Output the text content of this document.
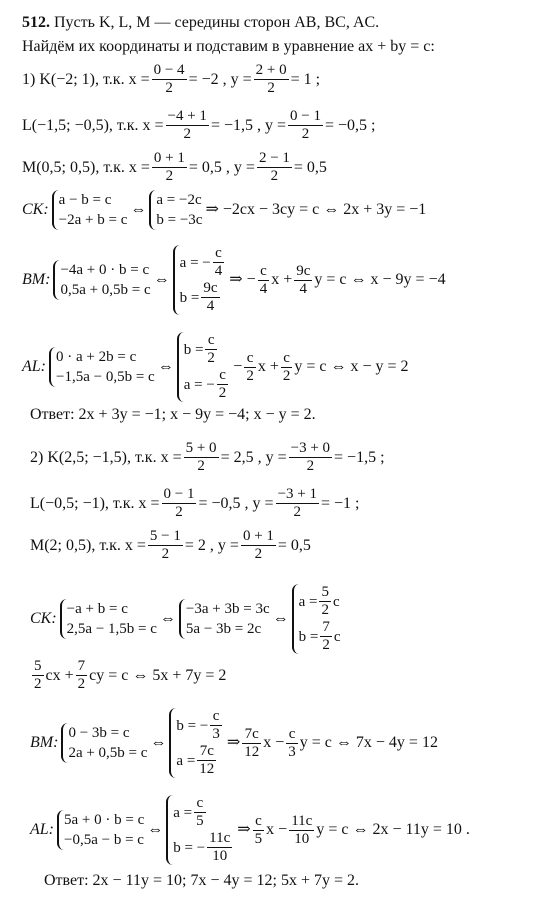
512. Пусть K, L, M — середины сторон AB, BC, AC.
Найдём их координаты и подставим в уравнение ax + by = c:
1) K(−2; 1), т.к. $x = \frac{0 - 4}{2} = -2$ , $y = \frac{2 + 0}{2} = 1$ ;
L(−1,5; −0,5), т.к. $x = \frac{-4 + 1}{2} = -1,5$ , $y = \frac{0 - 1}{2} = -0,5$ ;
M(0,5; 0,5), т.к. $x = \frac{0 + 1}{2} = 0,5$ , $y = \frac{2 - 1}{2} = 0,5$
CK:
a − b = c
−2a + b = c
⇔
a = −2c
b = −3c
⇒ −2cx − 3cy = c ⇔ 2x + 3y = −1
BM:
−4a + 0 · b = c
0,5a + 0,5b = c
⇔
a = − $\frac{c}{4}$
$b = \frac{9c}{4}$
⇒ − $\frac{c}{4}$ $x + \frac{9c}{4}$ y = c ⇔ x − 9y = −4
AL:
0 · a + 2b = c
−1,5a − 0,5b = c
⇔
$b = \frac{c}{2}$
a = − $\frac{c}{2}$
− $\frac{c}{2}$ $x + \frac{c}{2}$ y = c ⇔ x − y = 2
Ответ: 2x + 3y = −1; x − 9y = −4; x − y = 2.
2) K(2,5; −1,5), т.к. $x = \frac{5 + 0}{2} = 2,5$ , $y = \frac{-3 + 0}{2} = -1,5$ ;
L(−0,5; −1), т.к. $x = \frac{0 - 1}{2} = -0,5$ , $y = \frac{-3 + 1}{2} = -1$ ;
M(2; 0,5), т.к. $x = \frac{5 - 1}{2} = 2$ , $y = \frac{0 + 1}{2} = 0,5$
CK:
−a + b = c
2,5a − 1,5b = c
⇔
−3a + 3b = 3c
5a − 3b = 2c
⇔
$a = \frac{5}{2}$ c
$b = \frac{7}{2}$ c
$\frac{5}{2}$ cx + $\frac{7}{2}$ cy = c ⇔ 5x + 7y = 2
BM:
0 − 3b = c
2a + 0,5b = c
⇔
b = − $\frac{c}{3}$
$a = \frac{7c}{12}$
⇒ $\frac{7c}{12}$ $x - \frac{c}{3}$ y = c ⇔ 7x − 4y = 12
AL:
5a + 0 · b = c
−0,5a − b = c
⇔
$a = \frac{c}{5}$
b = − $\frac{11c}{10}$
⇒ $\frac{c}{5}$ $x - \frac{11c}{10}$ y = c ⇔ 2x − 11y = 10 .
Ответ: 2x − 11y = 10; 7x − 4y = 12; 5x + 7y = 2.
